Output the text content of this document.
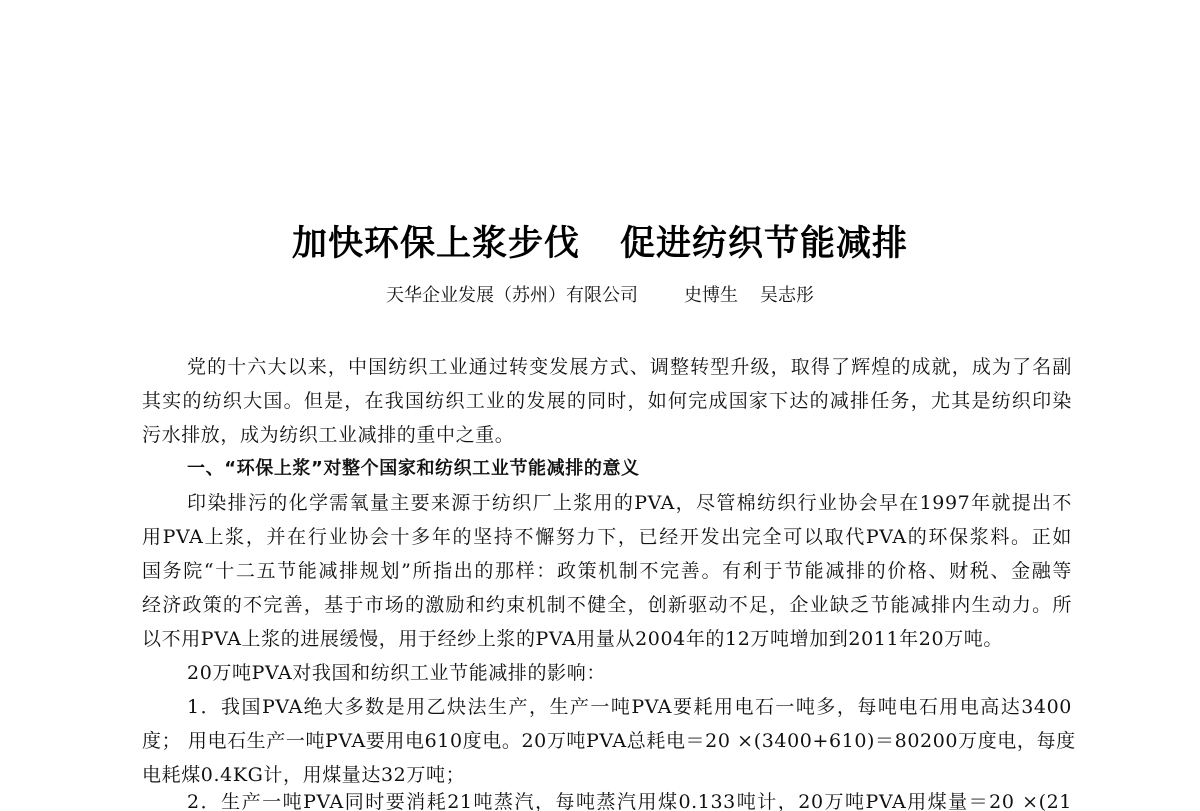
加快环保上浆步伐 促进纺织节能减排
天华企业发展（苏州）有限公司	史博生 吴志彤
党的十六大以来，中国纺织工业通过转变发展方式、调整转型升级，取得了辉煌的成就，成为了名副
其实的纺织大国。但是，在我国纺织工业的发展的同时，如何完成国家下达的减排任务，尤其是纺织印染
污水排放，成为纺织工业减排的重中之重。
一、“环保上浆”对整个国家和纺织工业节能减排的意义
印染排污的化学需氧量主要来源于纺织厂上浆用的PVA，尽管棉纺织行业协会早在1997年就提出不
用PVA上浆，并在行业协会十多年的坚持不懈努力下，已经开发出完全可以取代PVA的环保浆料。正如
国务院“十二五节能减排规划”所指出的那样：政策机制不完善。有利于节能减排的价格、财税、金融等
经济政策的不完善，基于市场的激励和约束机制不健全，创新驱动不足，企业缺乏节能减排内生动力。所
以不用PVA上浆的进展缓慢，用于经纱上浆的PVA用量从2004年的12万吨增加到2011年20万吨。
20万吨PVA对我国和纺织工业节能减排的影响：
1．我国PVA绝大多数是用乙炔法生产，生产一吨PVA要耗用电石一吨多，每吨电石用电高达3400
度； 用电石生产一吨PVA要用电610度电。20万吨PVA总耗电＝20 ×(3400+610)＝80200万度电，每度
电耗煤0.4KG计，用煤量达32万吨；
2．生产一吨PVA同时要消耗21吨蒸汽，每吨蒸汽用煤0.133吨计，20万吨PVA用煤量＝20 ×(21
